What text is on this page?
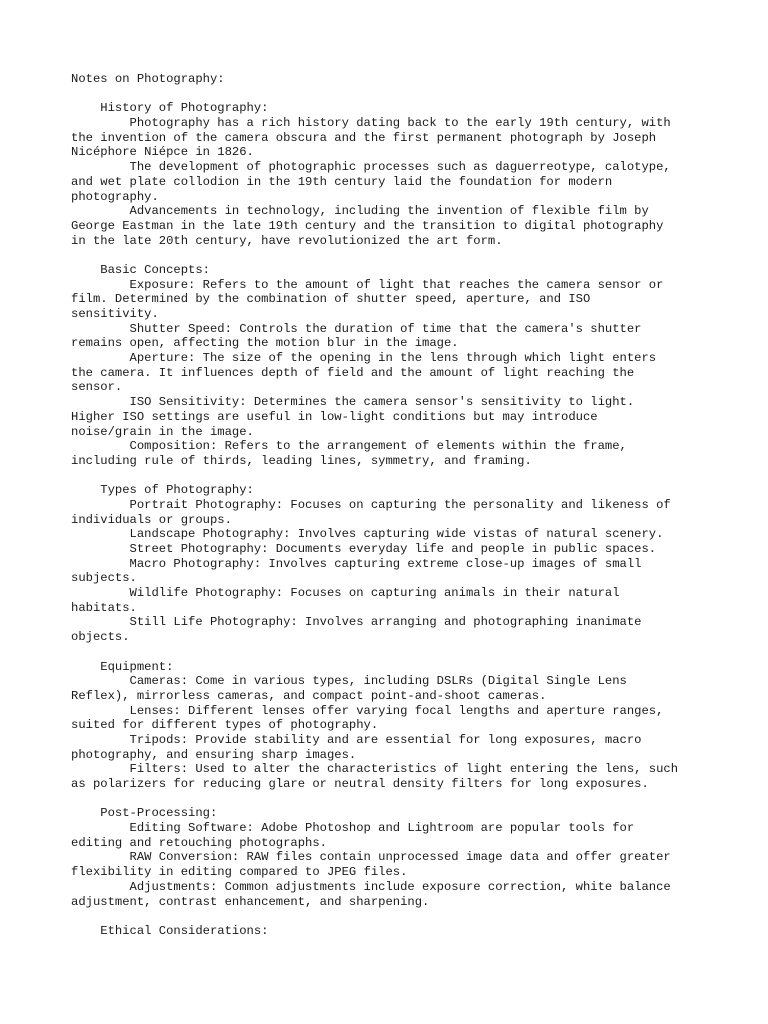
Notes on Photography:
History of Photography:
Photography has a rich history dating back to the early 19th century, with
the invention of the camera obscura and the first permanent photograph by Joseph
Nicéphore Niépce in 1826.
The development of photographic processes such as daguerreotype, calotype,
and wet plate collodion in the 19th century laid the foundation for modern
photography.
Advancements in technology, including the invention of flexible film by
George Eastman in the late 19th century and the transition to digital photography
in the late 20th century, have revolutionized the art form.
Basic Concepts:
Exposure: Refers to the amount of light that reaches the camera sensor or
film. Determined by the combination of shutter speed, aperture, and ISO
sensitivity.
Shutter Speed: Controls the duration of time that the camera's shutter
remains open, affecting the motion blur in the image.
Aperture: The size of the opening in the lens through which light enters
the camera. It influences depth of field and the amount of light reaching the
sensor.
ISO Sensitivity: Determines the camera sensor's sensitivity to light.
Higher ISO settings are useful in low-light conditions but may introduce
noise/grain in the image.
Composition: Refers to the arrangement of elements within the frame,
including rule of thirds, leading lines, symmetry, and framing.
Types of Photography:
Portrait Photography: Focuses on capturing the personality and likeness of
individuals or groups.
Landscape Photography: Involves capturing wide vistas of natural scenery.
Street Photography: Documents everyday life and people in public spaces.
Macro Photography: Involves capturing extreme close-up images of small
subjects.
Wildlife Photography: Focuses on capturing animals in their natural
habitats.
Still Life Photography: Involves arranging and photographing inanimate
objects.
Equipment:
Cameras: Come in various types, including DSLRs (Digital Single Lens
Reflex), mirrorless cameras, and compact point-and-shoot cameras.
Lenses: Different lenses offer varying focal lengths and aperture ranges,
suited for different types of photography.
Tripods: Provide stability and are essential for long exposures, macro
photography, and ensuring sharp images.
Filters: Used to alter the characteristics of light entering the lens, such
as polarizers for reducing glare or neutral density filters for long exposures.
Post-Processing:
Editing Software: Adobe Photoshop and Lightroom are popular tools for
editing and retouching photographs.
RAW Conversion: RAW files contain unprocessed image data and offer greater
flexibility in editing compared to JPEG files.
Adjustments: Common adjustments include exposure correction, white balance
adjustment, contrast enhancement, and sharpening.
Ethical Considerations:
